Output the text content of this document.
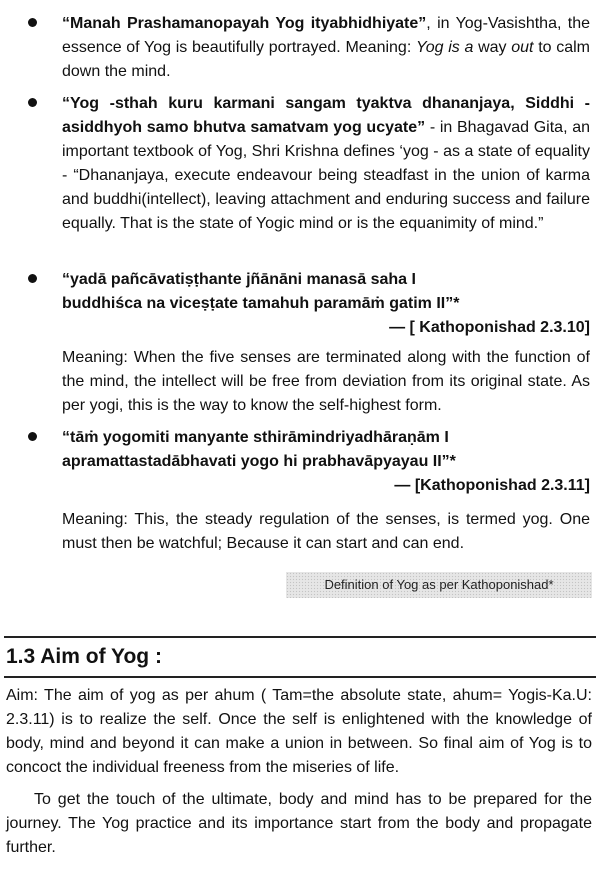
“Manah Prashamanopayah Yog ityabhidhiyate”, in Yog-Vasishtha, the essence of Yog is beautifully portrayed. Meaning: Yog is a way out to calm down the mind.
“Yog -sthah kuru karmani sangam tyaktva dhananjaya, Siddhi - asiddhyoh samo bhutva samatvam yog ucyate” - in Bhagavad Gita, an important textbook of Yog, Shri Krishna defines ‘yog - as a state of equality - “Dhananjaya, execute endeavour being steadfast in the union of karma and buddhi(intellect), leaving attachment and enduring success and failure equally. That is the state of Yogic mind or is the equanimity of mind.”
“yadā pañcāvatiṣṭhante jñānāni manasā saha I
buddhiśca na viceṣṭate tamahuh paramāṁ gatim II”*
— [ Kathoponishad 2.3.10]
Meaning: When the five senses are terminated along with the function of the mind, the intellect will be free from deviation from its original state. As per yogi, this is the way to know the self-highest form.
“tāṁ yogomiti manyante sthirāmindriyadhāraṇām I
apramattastadābhavati yogo hi prabhavāpyayau II”*
— [Kathoponishad 2.3.11]
Meaning: This, the steady regulation of the senses, is termed yog. One must then be watchful; Because it can start and can end.
Definition of Yog as per Kathoponishad*
1.3 Aim of Yog :
Aim: The aim of yog as per ahum ( Tam=the absolute state, ahum= Yogis-Ka.U: 2.3.11) is to realize the self. Once the self is enlightened with the knowledge of body, mind and beyond it can make a union in between. So final aim of Yog is to concoct the individual freeness from the miseries of life.
To get the touch of the ultimate, body and mind has to be prepared for the journey. The Yog practice and its importance start from the body and propagate further.
